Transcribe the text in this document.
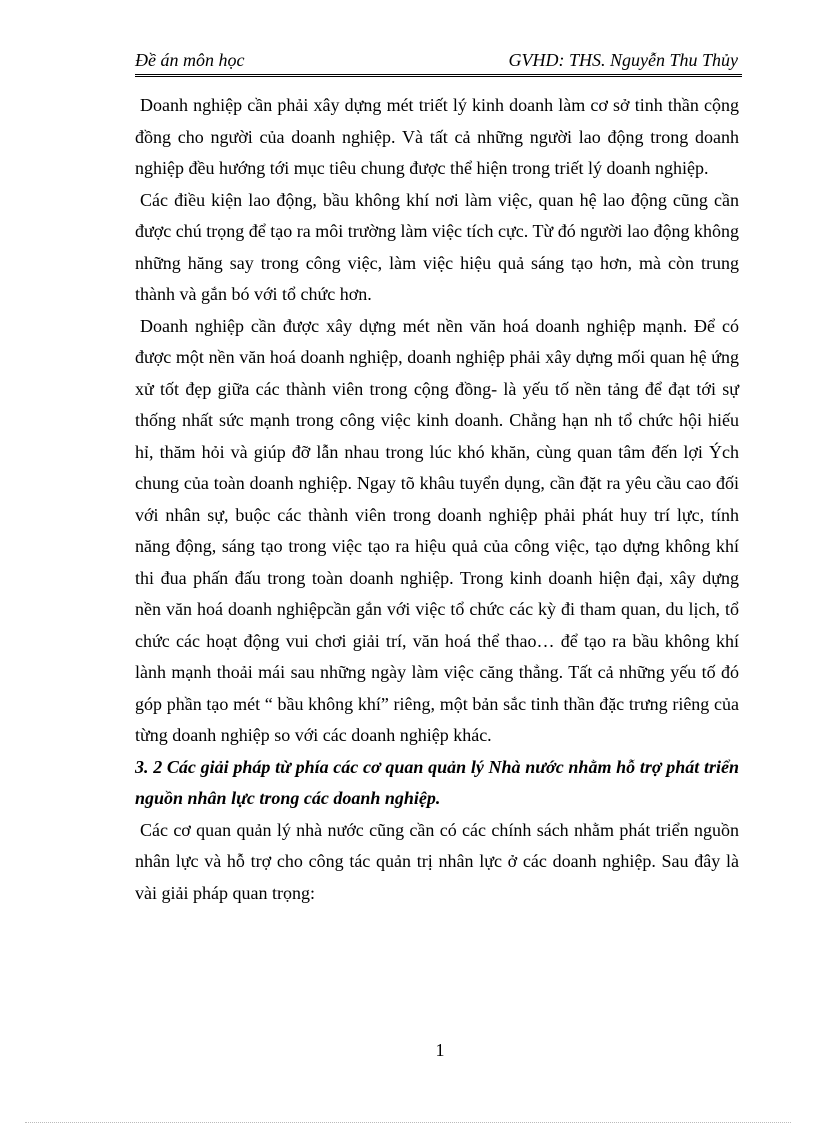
Đề án môn học	GVHD: THS. Nguyễn Thu Thủy

Doanh nghiệp cần phải xây dựng mét triết lý kinh doanh làm cơ sở tinh thần cộng đồng cho người của doanh nghiệp. Và tất cả những người lao động trong doanh nghiệp đều hướng tới mục tiêu chung được thể hiện trong triết lý doanh nghiệp.

Các điều kiện lao động, bầu không khí nơi làm việc, quan hệ lao động cũng cần được chú trọng để tạo ra môi trường làm việc tích cực. Từ đó người lao động không những hăng say trong công việc, làm việc hiệu quả sáng tạo hơn, mà còn trung thành và gắn bó với tổ chức hơn.

Doanh nghiệp cần được xây dựng mét nền văn hoá doanh nghiệp mạnh. Để có được một nền văn hoá doanh nghiệp, doanh nghiệp phải xây dựng mối quan hệ ứng xử tốt đẹp giữa các thành viên trong cộng đồng- là yếu tố nền tảng để đạt tới sự thống nhất sức mạnh trong công việc kinh doanh. Chẳng hạn nh tổ chức hội hiếu hỉ, thăm hỏi và giúp đỡ lẫn nhau trong lúc khó khăn, cùng quan tâm đến lợi Ých chung của toàn doanh nghiệp. Ngay tõ khâu tuyển dụng, cần đặt ra yêu cầu cao đối với nhân sự, buộc các thành viên trong doanh nghiệp phải phát huy trí lực, tính năng động, sáng tạo trong việc tạo ra hiệu quả của công việc, tạo dựng không khí thi đua phấn đấu trong toàn doanh nghiệp. Trong kinh doanh hiện đại, xây dựng nền văn hoá doanh nghiệpcần gắn với việc tổ chức các kỳ đi tham quan, du lịch, tổ chức các hoạt động vui chơi giải trí, văn hoá thể thao… để tạo ra bầu không khí lành mạnh thoải mái sau những ngày làm việc căng thẳng. Tất cả những yếu tố đó góp phần tạo mét “ bầu không khí” riêng, một bản sắc tinh thần đặc trưng riêng của từng doanh nghiệp so với các doanh nghiệp khác.

3. 2 Các giải pháp từ phía các cơ quan quản lý Nhà nước nhằm hỗ trợ phát triển nguồn nhân lực trong các doanh nghiệp.

Các cơ quan quản lý nhà nước cũng cần có các chính sách nhằm phát triển nguồn nhân lực và hỗ trợ cho công tác quản trị nhân lực ở các doanh nghiệp. Sau đây là vài giải pháp quan trọng:

1
